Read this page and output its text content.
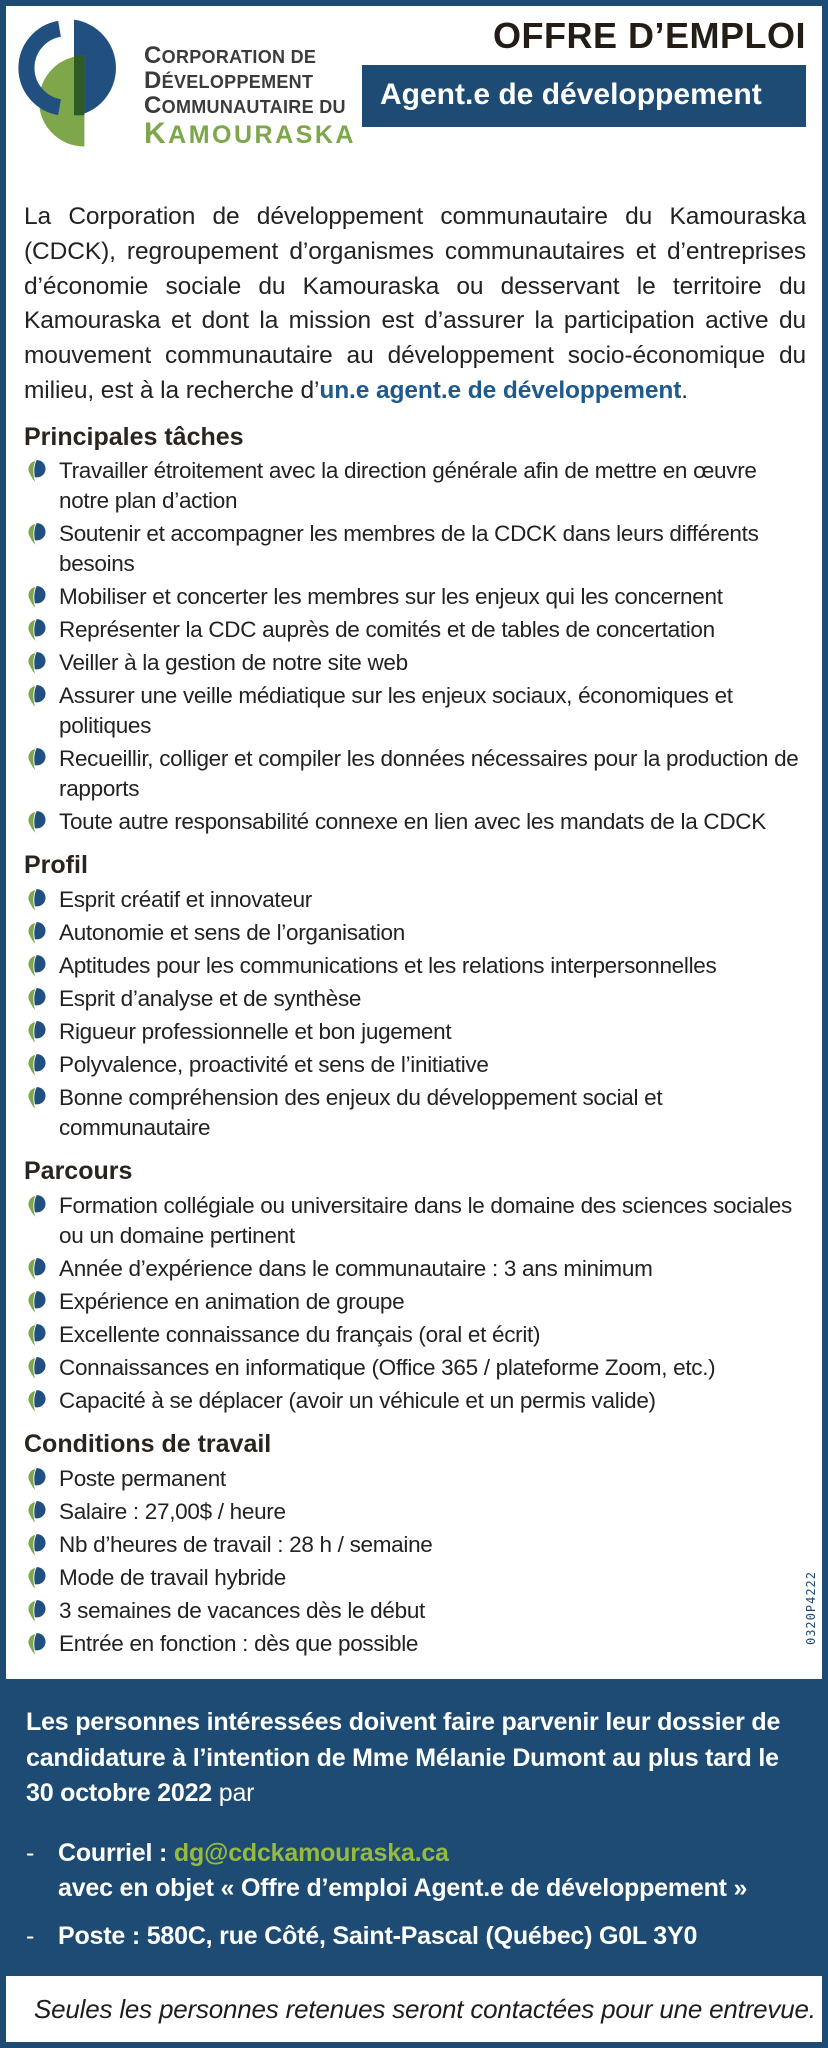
CORPORATION DE
DÉVELOPPEMENT
COMMUNAUTAIRE DU
KAMOURASKA
OFFRE D’EMPLOI
Agent.e de développement

La Corporation de développement communautaire du Kamouraska (CDCK), regroupement d’organismes communautaires et d’entreprises d’économie sociale du Kamouraska ou desservant le territoire du Kamouraska et dont la mission est d’assurer la participation active du mouvement communautaire au développement socio-économique du milieu, est à la recherche d’un.e agent.e de développement.

Principales tâches
Travailler étroitement avec la direction générale afin de mettre en œuvre notre plan d’action
Soutenir et accompagner les membres de la CDCK dans leurs différents besoins
Mobiliser et concerter les membres sur les enjeux qui les concernent
Représenter la CDC auprès de comités et de tables de concertation
Veiller à la gestion de notre site web
Assurer une veille médiatique sur les enjeux sociaux, économiques et politiques
Recueillir, colliger et compiler les données nécessaires pour la production de rapports
Toute autre responsabilité connexe en lien avec les mandats de la CDCK
Profil
Esprit créatif et innovateur
Autonomie et sens de l’organisation
Aptitudes pour les communications et les relations interpersonnelles
Esprit d’analyse et de synthèse
Rigueur professionnelle et bon jugement
Polyvalence, proactivité et sens de l’initiative
Bonne compréhension des enjeux du développement social et communautaire
Parcours
Formation collégiale ou universitaire dans le domaine des sciences sociales ou un domaine pertinent
Année d’expérience dans le communautaire : 3 ans minimum
Expérience en animation de groupe
Excellente connaissance du français (oral et écrit)
Connaissances en informatique (Office 365 / plateforme Zoom, etc.)
Capacité à se déplacer (avoir un véhicule et un permis valide)
Conditions de travail
Poste permanent
Salaire : 27,00$ / heure
Nb d’heures de travail : 28 h / semaine
Mode de travail hybride
3 semaines de vacances dès le début
Entrée en fonction : dès que possible

Les personnes intéressées doivent faire parvenir leur dossier de candidature à l’intention de Mme Mélanie Dumont au plus tard le 30 octobre 2022 par

- Courriel : dg@cdckamouraska.ca
avec en objet « Offre d’emploi Agent.e de développement »
- Poste : 580C, rue Côté, Saint-Pascal (Québec) G0L 3Y0
Seules les personnes retenues seront contactées pour une entrevue.
0320P4222
